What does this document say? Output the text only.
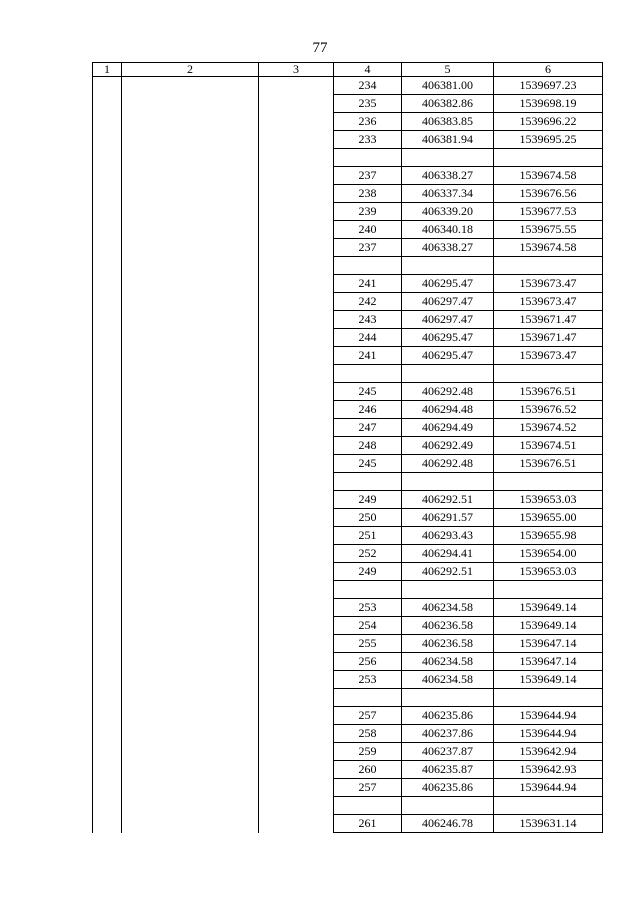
77
1	2	3	4	5	6
			234	406381.00	1539697.23
			235	406382.86	1539698.19
			236	406383.85	1539696.22
			233	406381.94	1539695.25

			237	406338.27	1539674.58
			238	406337.34	1539676.56
			239	406339.20	1539677.53
			240	406340.18	1539675.55
			237	406338.27	1539674.58

			241	406295.47	1539673.47
			242	406297.47	1539673.47
			243	406297.47	1539671.47
			244	406295.47	1539671.47
			241	406295.47	1539673.47

			245	406292.48	1539676.51
			246	406294.48	1539676.52
			247	406294.49	1539674.52
			248	406292.49	1539674.51
			245	406292.48	1539676.51

			249	406292.51	1539653.03
			250	406291.57	1539655.00
			251	406293.43	1539655.98
			252	406294.41	1539654.00
			249	406292.51	1539653.03

			253	406234.58	1539649.14
			254	406236.58	1539649.14
			255	406236.58	1539647.14
			256	406234.58	1539647.14
			253	406234.58	1539649.14

			257	406235.86	1539644.94
			258	406237.86	1539644.94
			259	406237.87	1539642.94
			260	406235.87	1539642.93
			257	406235.86	1539644.94

			261	406246.78	1539631.14
